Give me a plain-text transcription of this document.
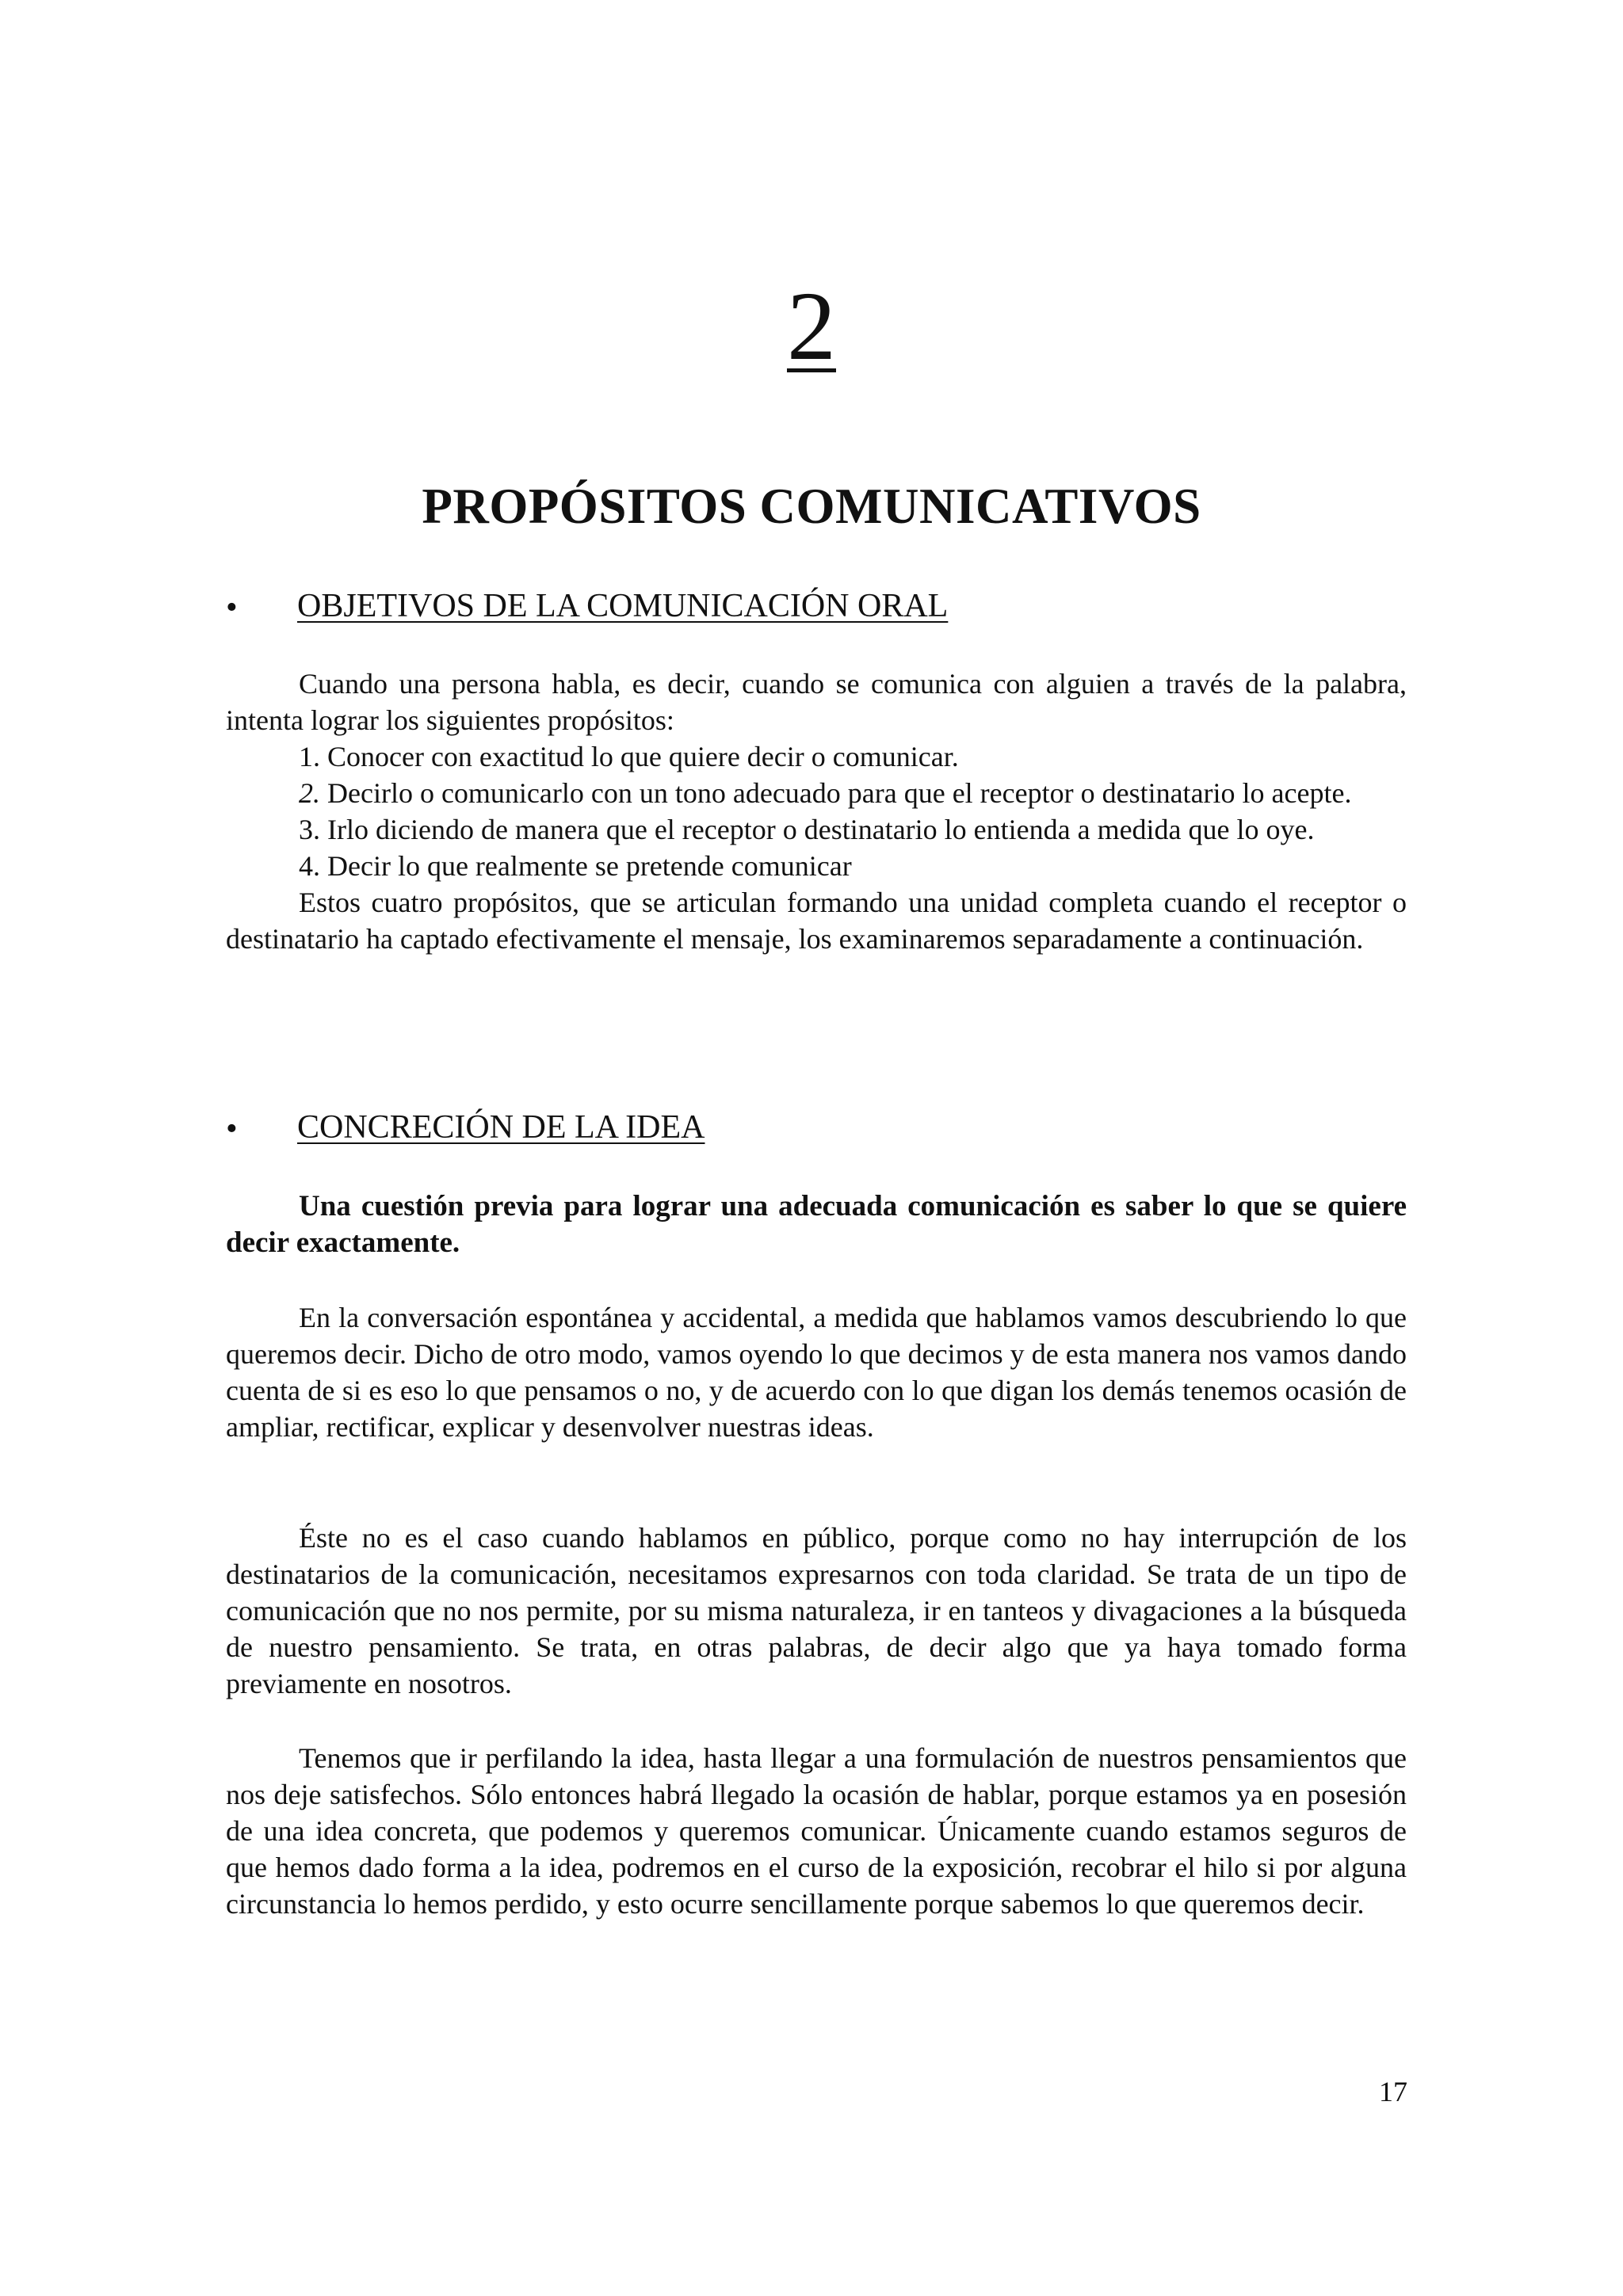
2
PROPÓSITOS COMUNICATIVOS
• OBJETIVOS DE LA COMUNICACIÓN ORAL

Cuando una persona habla, es decir, cuando se comunica con alguien a través de la palabra, intenta lograr los siguientes propósitos:

1. Conocer con exactitud lo que quiere decir o comunicar.

2. Decirlo o comunicarlo con un tono adecuado para que el receptor o destinatario lo acepte.

3. Irlo diciendo de manera que el receptor o destinatario lo entienda a medida que lo oye.

4. Decir lo que realmente se pretende comunicar

Estos cuatro propósitos, que se articulan formando una unidad completa cuando el receptor o destinatario ha captado efectivamente el mensaje, los examinaremos separadamente a continuación.

• CONCRECIÓN DE LA IDEA

Una cuestión previa para lograr una adecuada comunicación es saber lo que se quiere decir exactamente.

En la conversación espontánea y accidental, a medida que hablamos vamos descubriendo lo que queremos decir. Dicho de otro modo, vamos oyendo lo que decimos y de esta manera nos vamos dando cuenta de si es eso lo que pensamos o no, y de acuerdo con lo que digan los demás tenemos ocasión de ampliar, rectificar, explicar y desenvolver nuestras ideas.

Éste no es el caso cuando hablamos en público, porque como no hay interrupción de los destinatarios de la comunicación, necesitamos expresarnos con toda claridad. Se trata de un tipo de comunicación que no nos permite, por su misma naturaleza, ir en tanteos y divagaciones a la búsqueda de nuestro pensamiento. Se trata, en otras palabras, de decir algo que ya haya tomado forma previamente en nosotros.

Tenemos que ir perfilando la idea, hasta llegar a una formulación de nuestros pensamientos que nos deje satisfechos. Sólo entonces habrá llegado la ocasión de hablar, porque estamos ya en posesión de una idea concreta, que podemos y queremos comunicar. Únicamente cuando estamos seguros de que hemos dado forma a la idea, podremos en el curso de la exposición, recobrar el hilo si por alguna circunstancia lo hemos perdido, y esto ocurre sencillamente porque sabemos lo que queremos decir.

17
